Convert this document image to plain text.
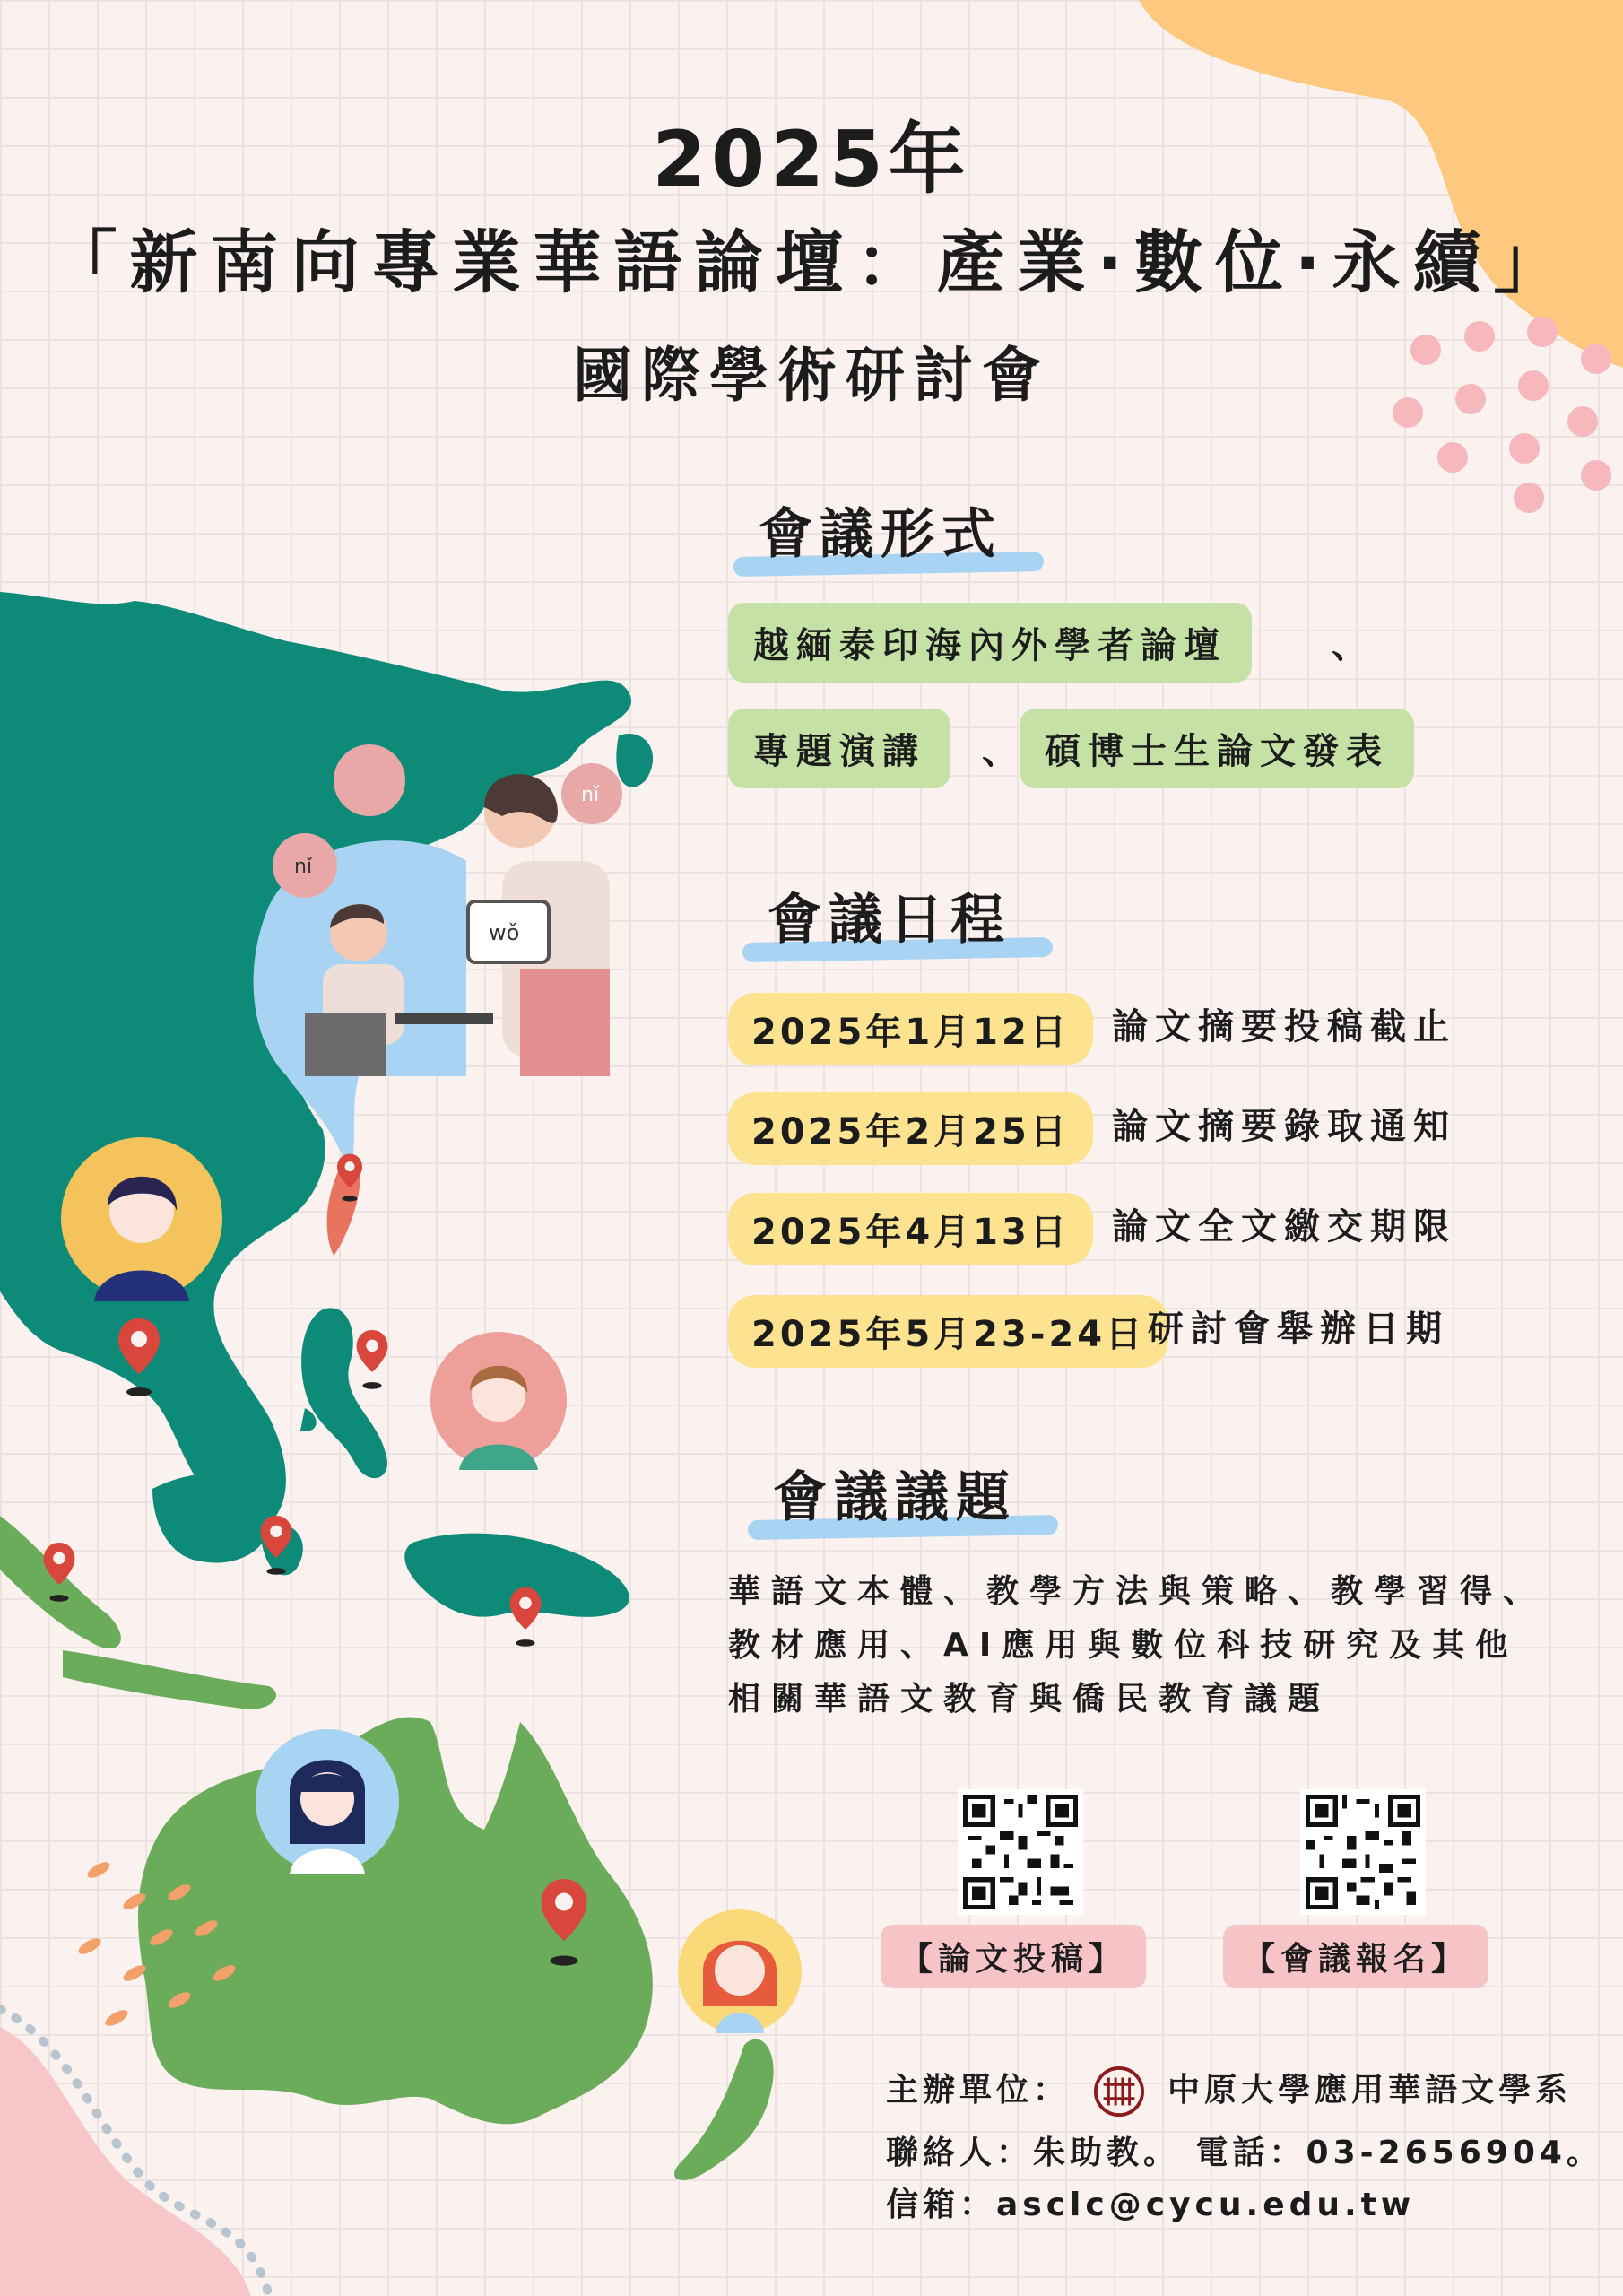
nǐ
nǐ
wǒ
2025年
「新南向專業華語論壇：產業‧數位‧永續」
國際學術研討會
會議形式
越緬泰印海內外學者論壇	、
專題演講	、 碩博士生論文發表
會議日程
2025年1月12日	論文摘要投稿截止
2025年2月25日	論文摘要錄取通知
2025年4月13日	論文全文繳交期限
2025年5月23-24日 研討會舉辦日期
會議議題
華語文本體、教學方法與策略、教學習得、
教材應用、AI應用與數位科技研究及其他
相關華語文教育與僑民教育議題
【論文投稿】	【會議報名】
主辦單位：	中原大學應用華語文學系
聯絡人：朱助教。 電話：03-2656904。
信箱：asclc@cycu.edu.tw
